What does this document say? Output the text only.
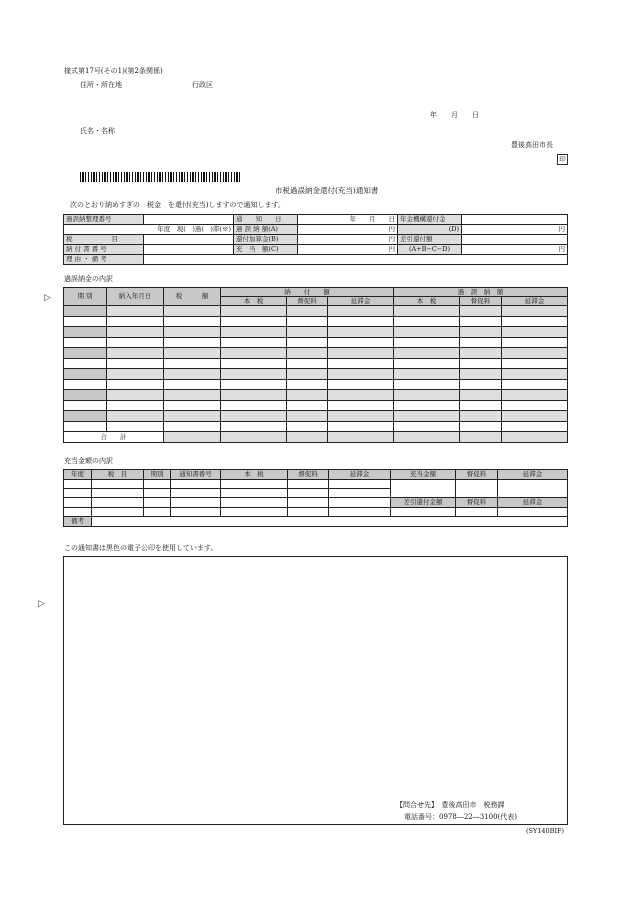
様式第17号(その1)(第2条関係)
住所・所在地	行政区
年　　月　　日
氏名・名称
豊後高田市長
印
市税過誤納金還付(充当)通知書
次のとおり納めすぎの　税金　を還付(充当)しますので通知します。
過誤納整理番号		通　　知　　日	年　　月　　日	年金機構還付金	
年度　現(　)過(　)滞(※)		過 誤 納 額(A)	円	(D)	円
税　　　　　　目		還付加算金(B)	円	差引還付額	
納 付 書 番 号		充　当　額(C)	円	(A+B−C−D)	円
理 由 ・ 備 考					
過誤納金の内訳
▷	期 別	納入年月日	税　　　額	納　　付　　額			過　誤　納　額		
			本　税	督促料	延滞金	本　税	督促料	延滞金

合　　計								
充当金額の内訳
年度	税　目	期別	通知書番号	本　税	督促料	延滞金	充当金額	督促料	延滞金

							差引還付金額	督促料	延滞金

備考									
この通知書は黒色の電子公印を使用しています。
▷
【問合せ先】　豊後高田市　税務課
電話番号：0978―22―3100(代表)
(SY140BIF)
